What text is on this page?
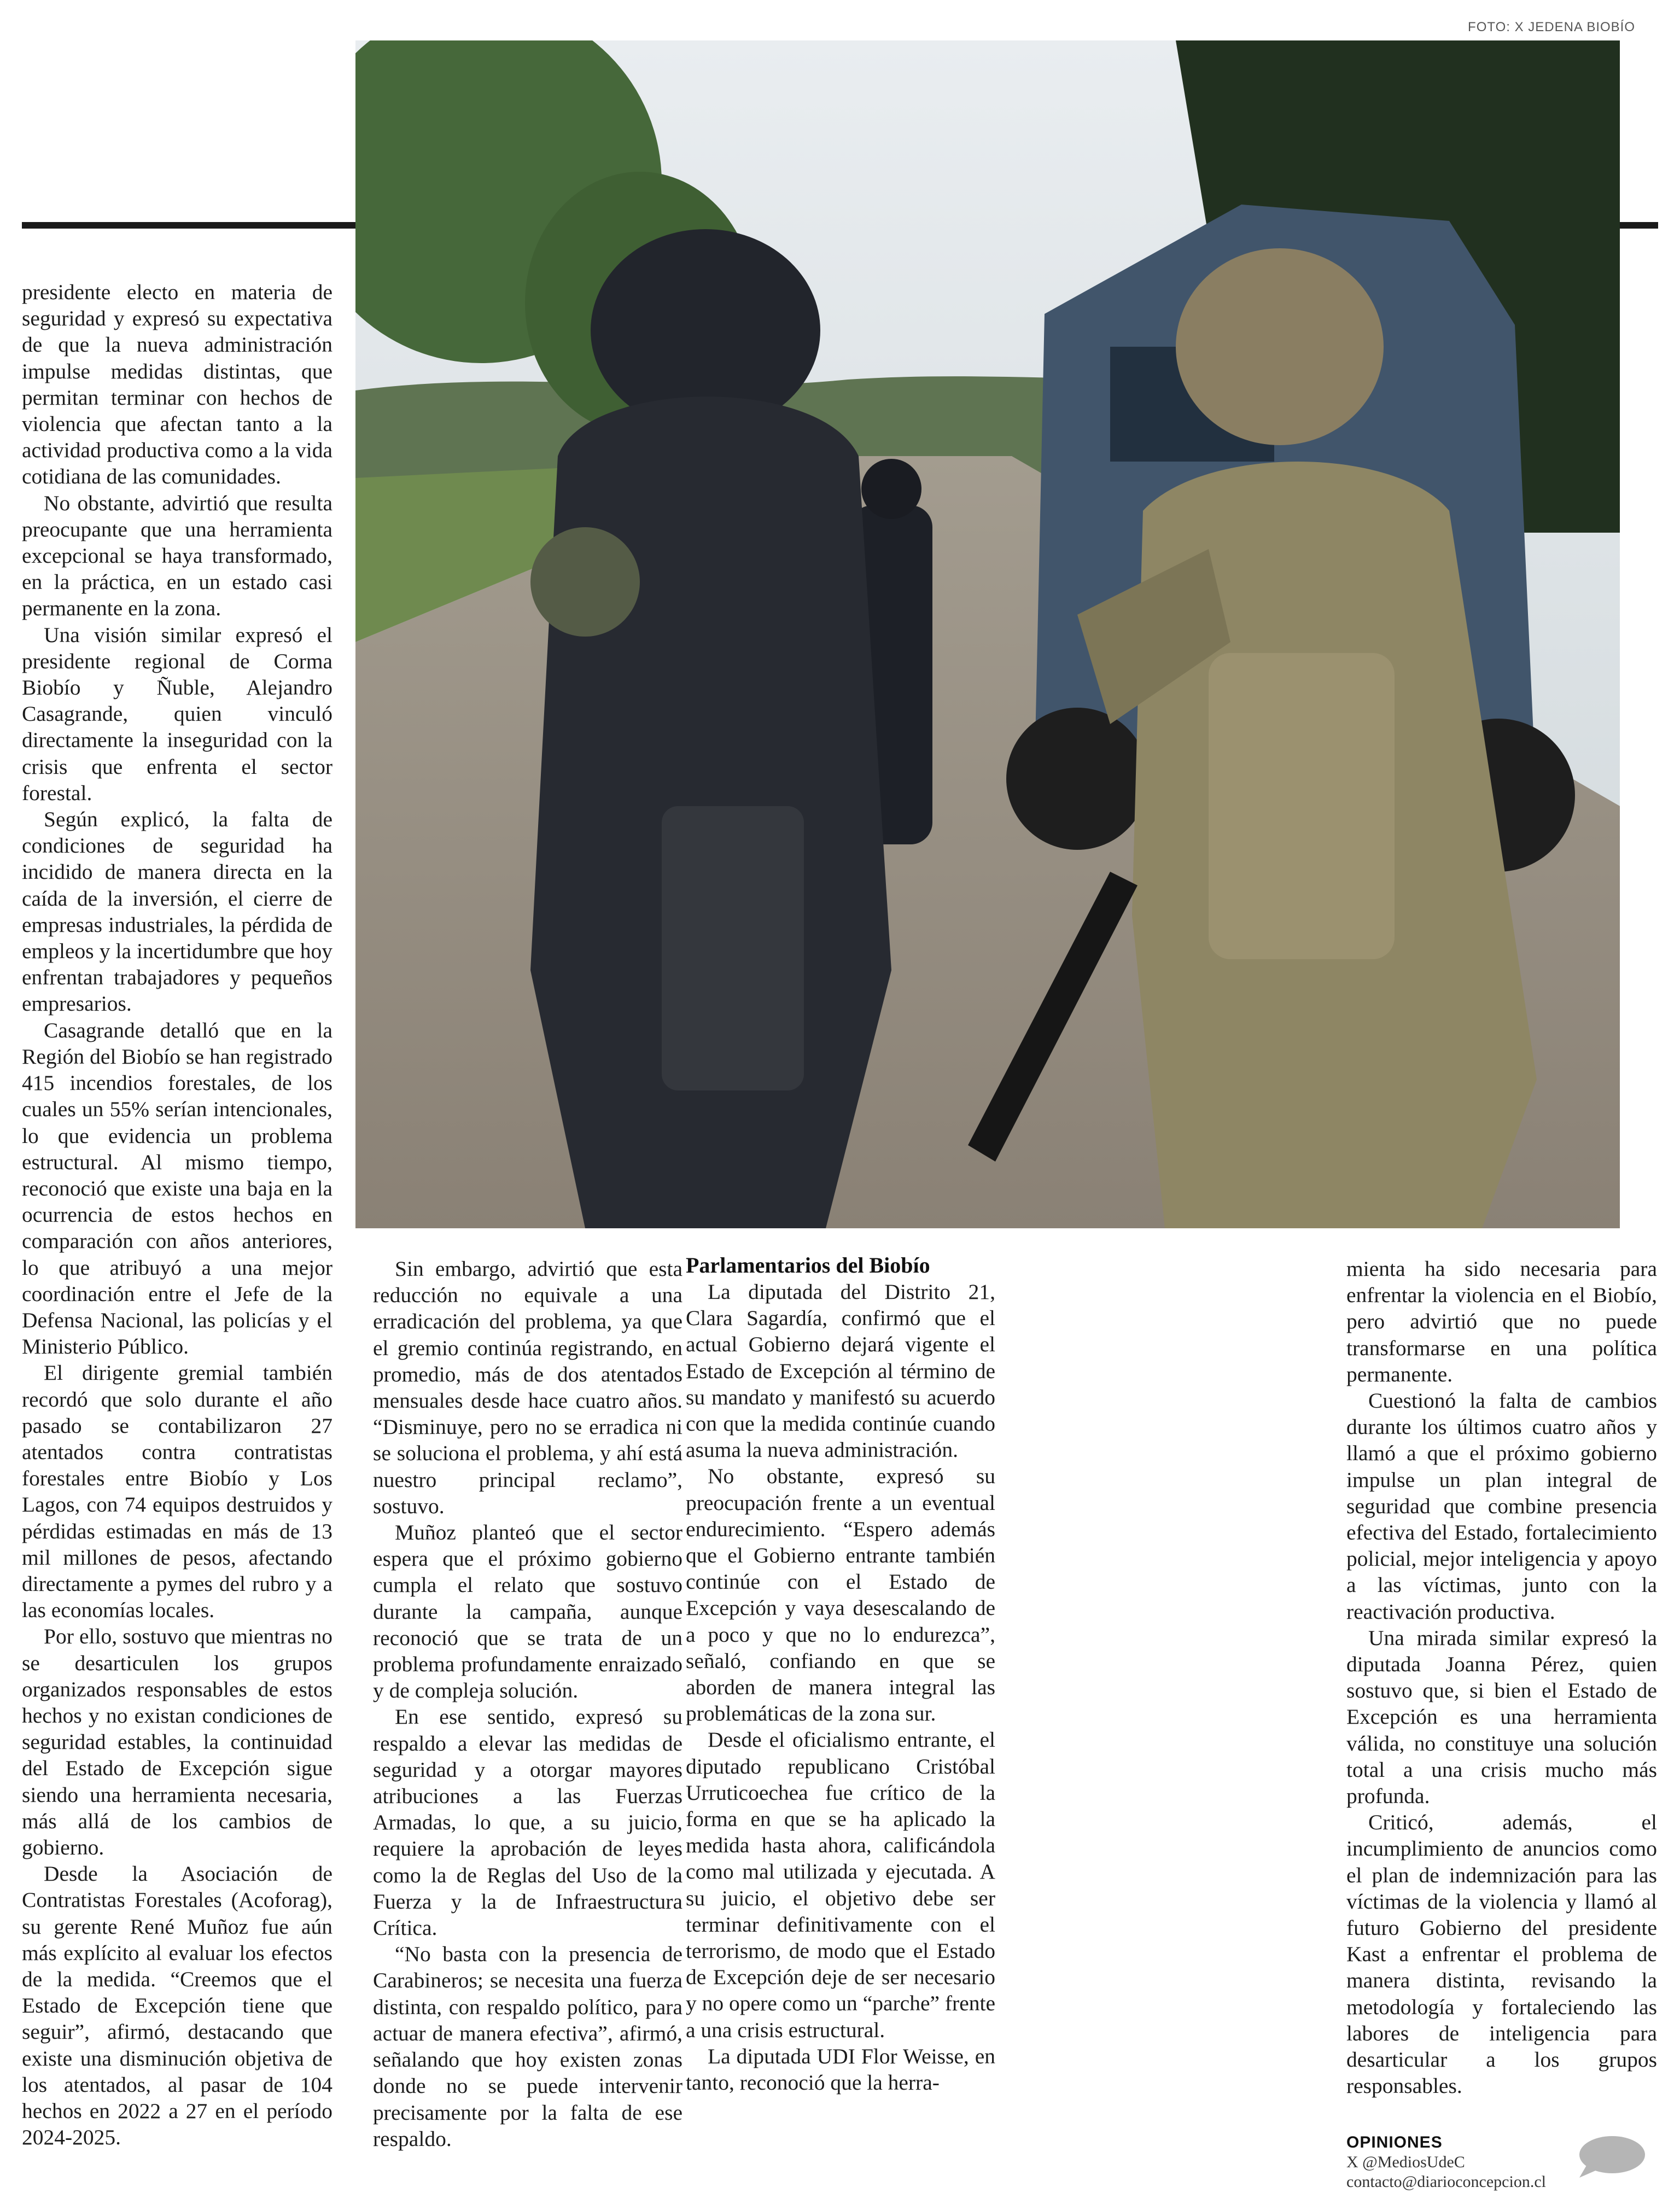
FOTO: X JEDENA BIOBÍO

presidente electo en materia de seguridad y expresó su expectativa de que la nueva administración impulse medidas distintas, que permitan terminar con hechos de violencia que afectan tanto a la actividad productiva como a la vida cotidiana de las comunidades.

No obstante, advirtió que resulta preocupante que una herramienta excepcional se haya transformado, en la práctica, en un estado casi permanente en la zona.

Una visión similar expresó el presidente regional de Corma Biobío y Ñuble, Alejandro Casagrande, quien vinculó directamente la inseguridad con la crisis que enfrenta el sector forestal.

Según explicó, la falta de condiciones de seguridad ha incidido de manera directa en la caída de la inversión, el cierre de empresas industriales, la pérdida de empleos y la incertidumbre que hoy enfrentan trabajadores y pequeños empresarios.

Casagrande detalló que en la Región del Biobío se han registrado 415 incendios forestales, de los cuales un 55% serían intencionales, lo que evidencia un problema estructural. Al mismo tiempo, reconoció que existe una baja en la ocurrencia de estos hechos en comparación con años anteriores, lo que atribuyó a una mejor coordinación entre el Jefe de la Defensa Nacional, las policías y el Ministerio Público.

El dirigente gremial también recordó que solo durante el año pasado se contabilizaron 27 atentados contra contratistas forestales entre Biobío y Los Lagos, con 74 equipos destruidos y pérdidas estimadas en más de 13 mil millones de pesos, afectando directamente a pymes del rubro y a las economías locales.

Por ello, sostuvo que mientras no se desarticulen los grupos organizados responsables de estos hechos y no existan condiciones de seguridad estables, la continuidad del Estado de Excepción sigue siendo una herramienta necesaria, más allá de los cambios de gobierno.

Desde la Asociación de Contratistas Forestales (Acoforag), su gerente René Muñoz fue aún más explícito al evaluar los efectos de la medida. “Creemos que el Estado de Excepción tiene que seguir”, afirmó, destacando que existe una disminución objetiva de los atentados, al pasar de 104 hechos en 2022 a 27 en el período 2024-2025.

Sin embargo, advirtió que esta reducción no equivale a una erradicación del problema, ya que el gremio continúa registrando, en promedio, más de dos atentados mensuales desde hace cuatro años. “Disminuye, pero no se erradica ni se soluciona el problema, y ahí está nuestro principal reclamo”, sostuvo.

Muñoz planteó que el sector espera que el próximo gobierno cumpla el relato que sostuvo durante la campaña, aunque reconoció que se trata de un problema profundamente enraizado y de compleja solución.

En ese sentido, expresó su respaldo a elevar las medidas de seguridad y a otorgar mayores atribuciones a las Fuerzas Armadas, lo que, a su juicio, requiere la aprobación de leyes como la de Reglas del Uso de la Fuerza y la de Infraestructura Crítica.

“No basta con la presencia de Carabineros; se necesita una fuerza distinta, con respaldo político, para actuar de manera efectiva”, afirmó, señalando que hoy existen zonas donde no se puede intervenir precisamente por la falta de ese respaldo.

Parlamentarios del Biobío

La diputada del Distrito 21, Clara Sagardía, confirmó que el actual Gobierno dejará vigente el Estado de Excepción al término de su mandato y manifestó su acuerdo con que la medida continúe cuando asuma la nueva administración.

No obstante, expresó su preocupación frente a un eventual endurecimiento. “Espero además que el Gobierno entrante también continúe con el Estado de Excepción y vaya desescalando de a poco y que no lo endurezca”, señaló, confiando en que se aborden de manera integral las problemáticas de la zona sur.

Desde el oficialismo entrante, el diputado republicano Cristóbal Urruticoechea fue crítico de la forma en que se ha aplicado la medida hasta ahora, calificándola como mal utilizada y ejecutada. A su juicio, el objetivo debe ser terminar definitivamente con el terrorismo, de modo que el Estado de Excepción deje de ser necesario y no opere como un “parche” frente a una crisis estructural.

La diputada UDI Flor Weisse, en tanto, reconoció que la herra-

mienta ha sido necesaria para enfrentar la violencia en el Biobío, pero advirtió que no puede transformarse en una política permanente.

Cuestionó la falta de cambios durante los últimos cuatro años y llamó a que el próximo gobierno impulse un plan integral de seguridad que combine presencia efectiva del Estado, fortalecimiento policial, mejor inteligencia y apoyo a las víctimas, junto con la reactivación productiva.

Una mirada similar expresó la diputada Joanna Pérez, quien sostuvo que, si bien el Estado de Excepción es una herramienta válida, no constituye una solución total a una crisis mucho más profunda.

Criticó, además, el incumplimiento de anuncios como el plan de indemnización para las víctimas de la violencia y llamó al futuro Gobierno del presidente Kast a enfrentar el problema de manera distinta, revisando la metodología y fortaleciendo las labores de inteligencia para desarticular a los grupos responsables.

OPINIONES
X @MediosUdeC
contacto@diarioconcepcion.cl
